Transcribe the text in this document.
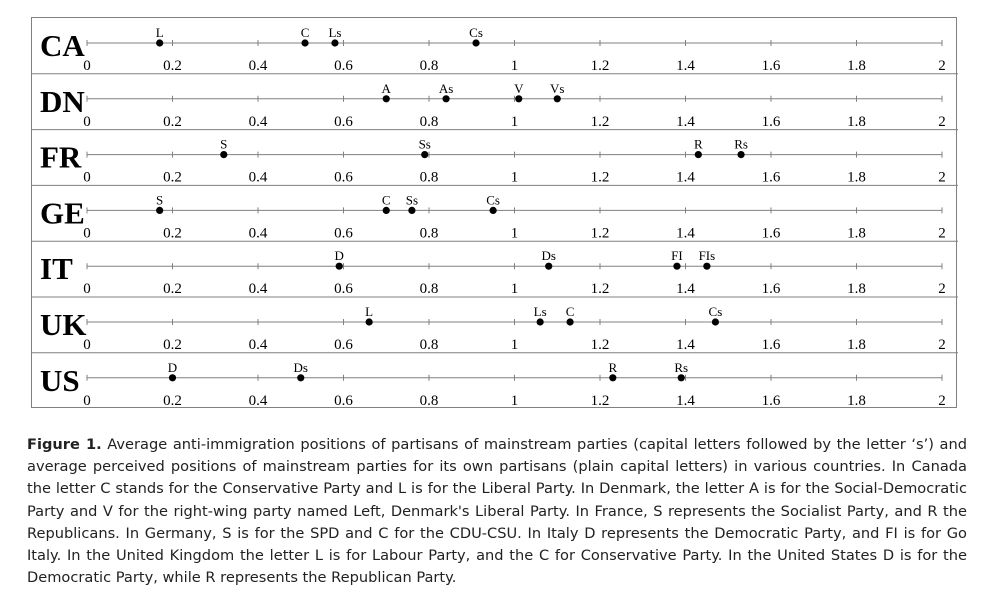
CA
0	0.2	0.4	0.6	0.8	1	1.2	1.4	1.6	1.8	2
L	C Ls	Cs
DN
0	0.2	0.4	0.6	0.8	1	1.2	1.4	1.6	1.8	2
A	As	V Vs
FR
0	0.2	0.4	0.6	0.8	1	1.2	1.4	1.6	1.8	2
S	Ss	R Rs
GE
0	0.2	0.4	0.6	0.8	1	1.2	1.4	1.6	1.8	2
S	C Ss	Cs
IT
0	0.2	0.4	0.6	0.8	1	1.2	1.4	1.6	1.8	2
D	Ds	FI FIs
UK
0	0.2	0.4	0.6	0.8	1	1.2	1.4	1.6	1.8	2
L	Ls C	Cs
US
0	0.2	0.4	0.6	0.8	1	1.2	1.4	1.6	1.8	2
D	Ds	R	Rs
Figure 1. Average anti-immigration positions of partisans of mainstream parties (capital letters followed by the letter ‘s’) and average perceived positions of mainstream parties for its own partisans (plain capital letters) in various countries. In Canada the letter C stands for the Conservative Party and L is for the Liberal Party. In Denmark, the letter A is for the Social-Democratic Party and V for the right-wing party named Left, Denmark's Liberal Party. In France, S represents the Socialist Party, and R the Republicans. In Germany, S is for the SPD and C for the CDU-CSU. In Italy D represents the Democratic Party, and FI is for Go Italy. In the United Kingdom the letter L is for Labour Party, and the C for Conservative Party. In the United States D is for the Democratic Party, while R represents the Republican Party.
